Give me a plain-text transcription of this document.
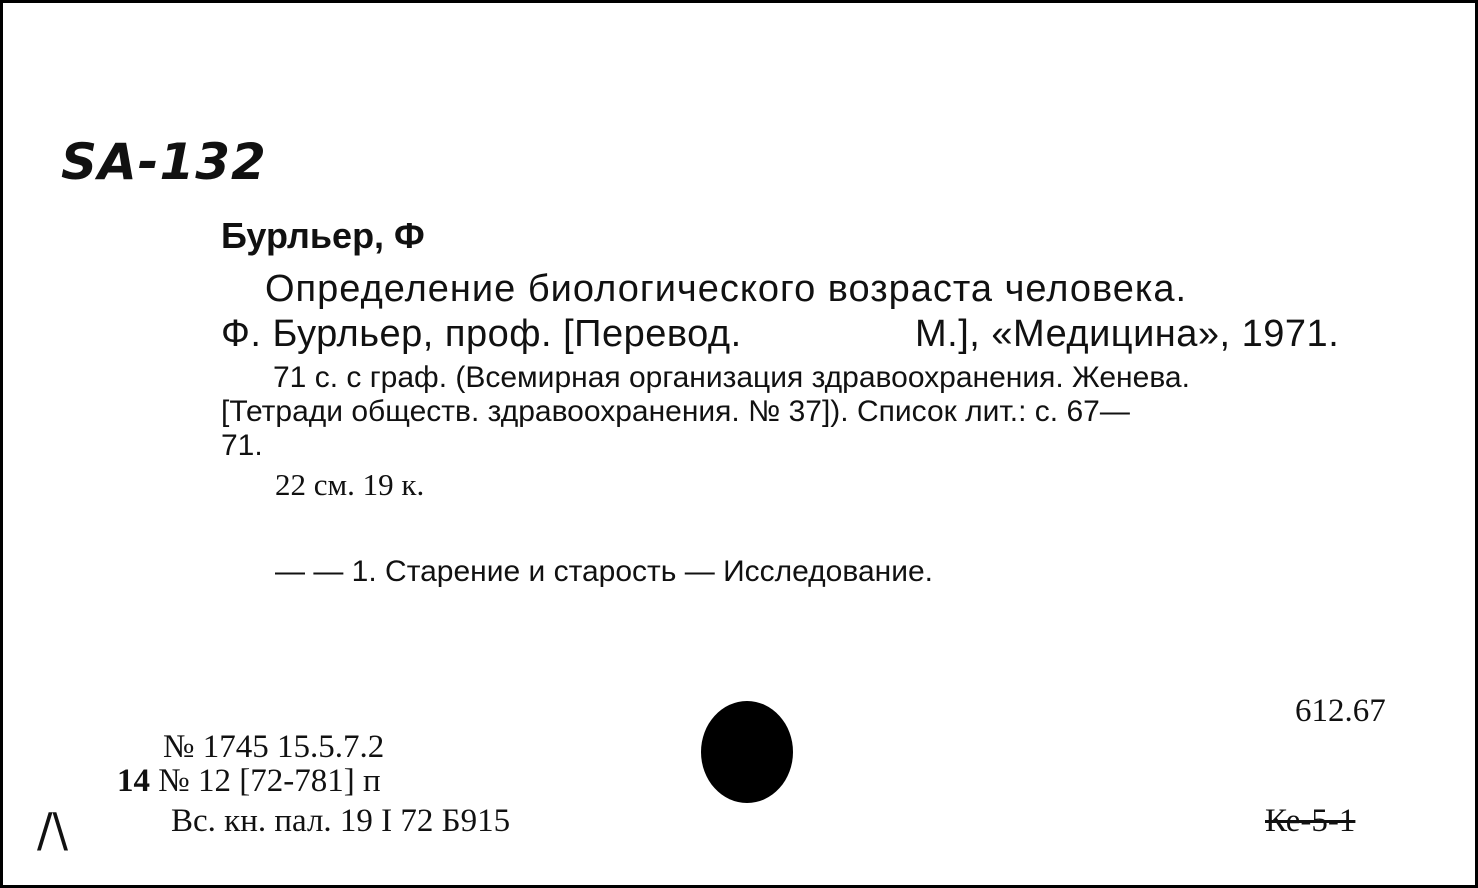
SA-132
Бурльер, Ф
Определение биологического возраста человека.
Ф. Бурльер, проф. [Перевод.	М.], «Медицина», 1971.
71 с. с граф. (Всемирная организация здравоохранения. Женева.
[Тетради обществ. здравоохранения. № 37]). Список лит.: с. 67—
71.
22 см. 19 к.
— — 1. Старение и старость — Исследование.
612.67
№ 1745 15.5.7.2
14 № 12 [72-781] п
Вс. кн. пал. 19 I 72 Б915	Ке-5-1
/\
